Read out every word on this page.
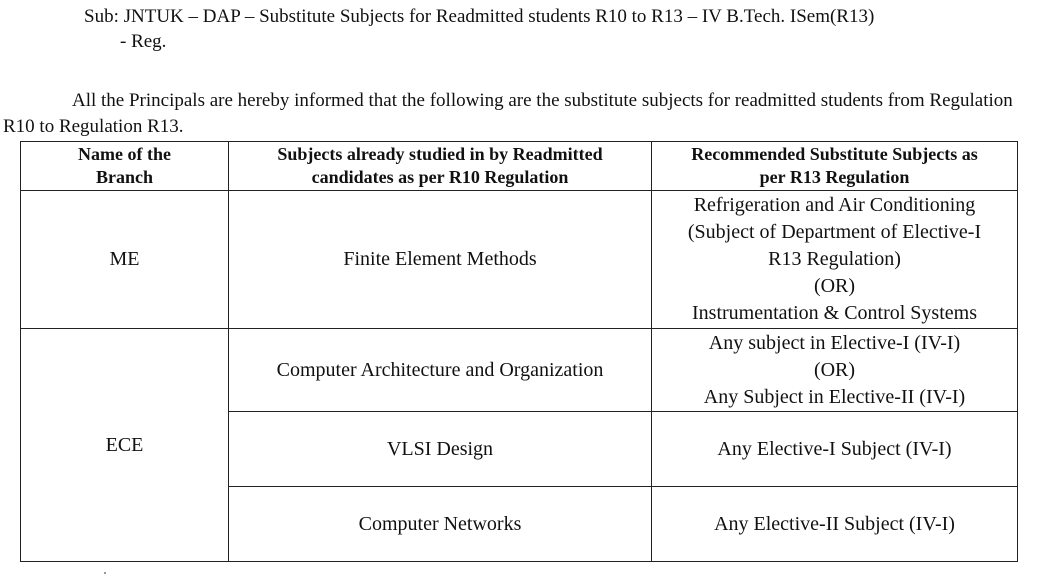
Sub: JNTUK – DAP – Substitute Subjects for Readmitted students R10 to R13 – IV B.Tech. ISem(R13)

- Reg.

All the Principals are hereby informed that the following are the substitute subjects for readmitted students from Regulation R10 to Regulation R13.

Name of the
Branch	Subjects already studied in by Readmitted
candidates as per R10 Regulation	Recommended Substitute Subjects as
per R13 Regulation

ME	Finite Element Methods	Refrigeration and Air Conditioning
(Subject of Department of Elective-I
R13 Regulation)
(OR)
Instrumentation & Control Systems

ECE	Computer Architecture and Organization	Any subject in Elective-I (IV-I)
(OR)
Any Subject in Elective-II (IV-I)

	VLSI Design	Any Elective-I Subject (IV-I)

	Computer Networks	Any Elective-II Subject (IV-I)
